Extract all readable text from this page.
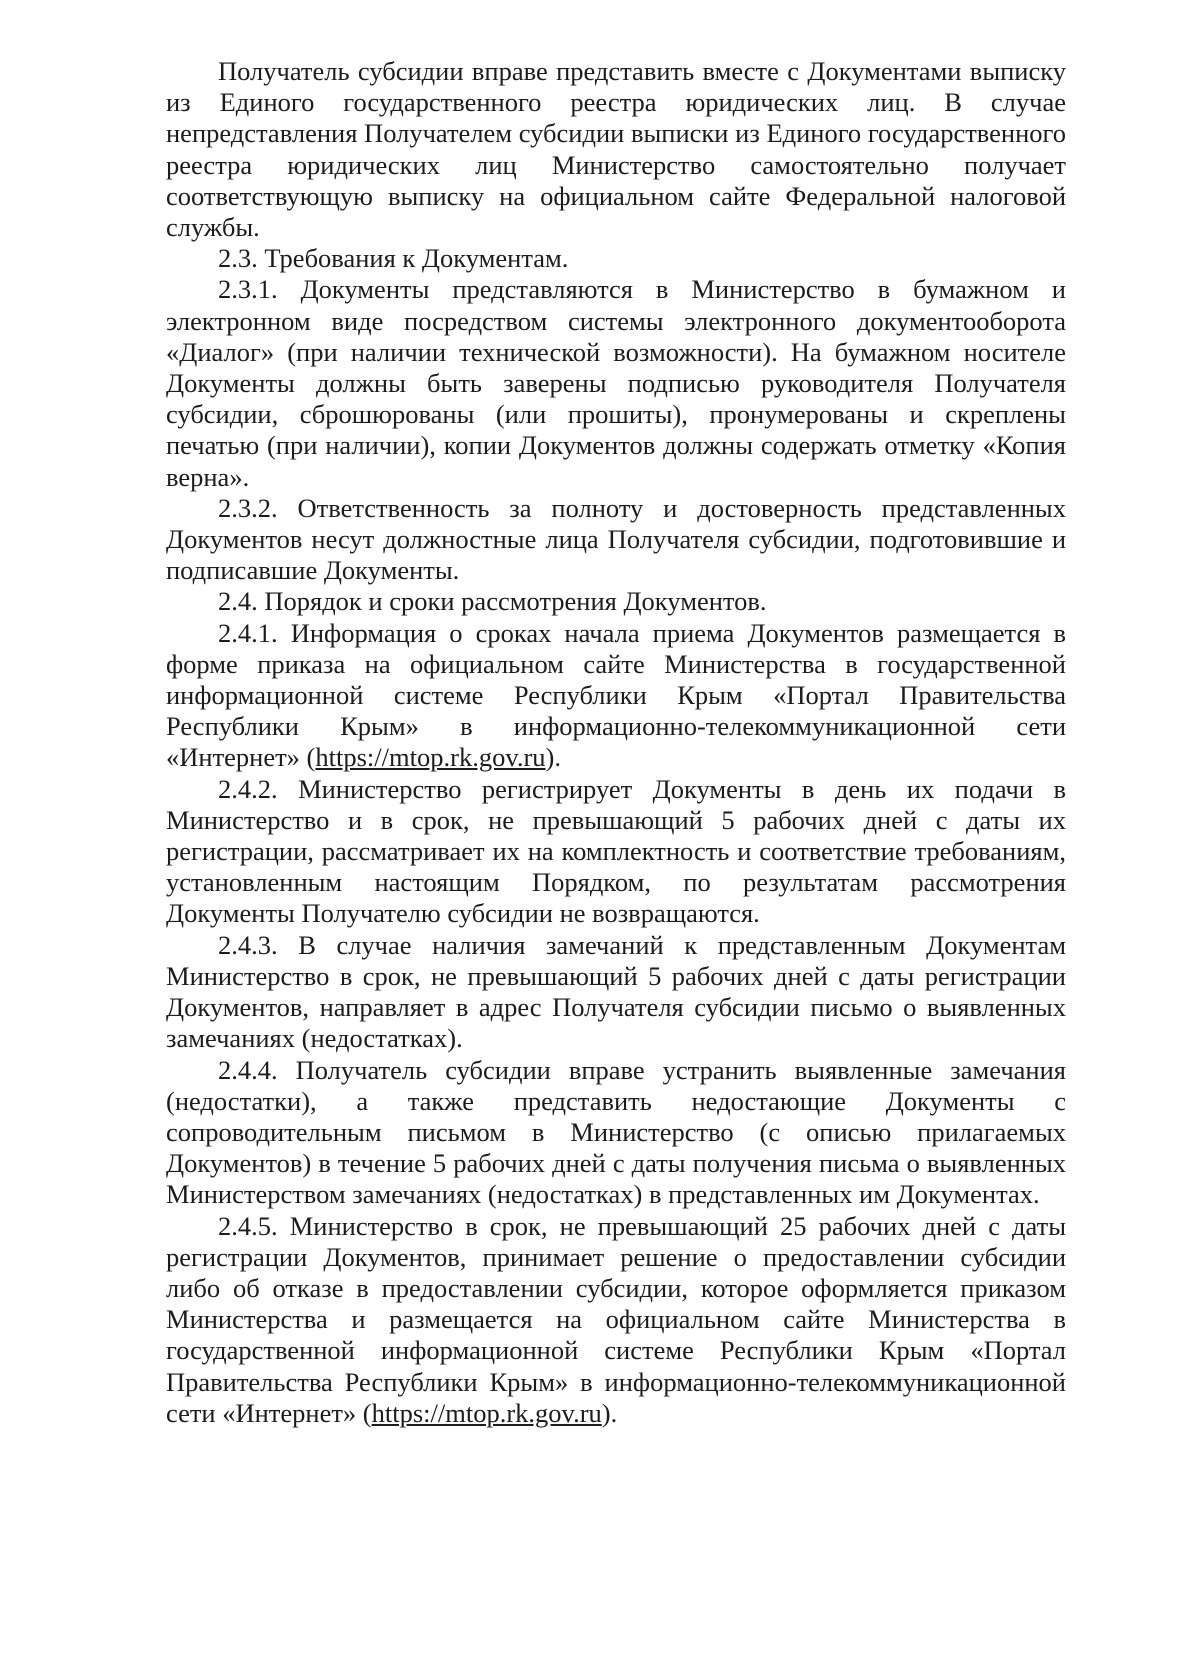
Получатель субсидии вправе представить вместе с Документами выписку из Единого государственного реестра юридических лиц. В случае непредставления Получателем субсидии выписки из Единого государственного реестра юридических лиц Министерство самостоятельно получает соответствующую выписку на официальном сайте Федеральной налоговой службы.

2.3. Требования к Документам.

2.3.1. Документы представляются в Министерство в бумажном и электронном виде посредством системы электронного документооборота «Диалог» (при наличии технической возможности). На бумажном носителе Документы должны быть заверены подписью руководителя Получателя субсидии, сброшюрованы (или прошиты), пронумерованы и скреплены печатью (при наличии), копии Документов должны содержать отметку «Копия верна».

2.3.2. Ответственность за полноту и достоверность представленных Документов несут должностные лица Получателя субсидии, подготовившие и подписавшие Документы.

2.4. Порядок и сроки рассмотрения Документов.

2.4.1. Информация о сроках начала приема Документов размещается в форме приказа на официальном сайте Министерства в государственной информационной системе Республики Крым «Портал Правительства Республики Крым» в информационно-телекоммуникационной сети «Интернет» (https://mtop.rk.gov.ru).

2.4.2. Министерство регистрирует Документы в день их подачи в Министерство и в срок, не превышающий 5 рабочих дней с даты их регистрации, рассматривает их на комплектность и соответствие требованиям, установленным настоящим Порядком, по результатам рассмотрения Документы Получателю субсидии не возвращаются.

2.4.3. В случае наличия замечаний к представленным Документам Министерство в срок, не превышающий 5 рабочих дней с даты регистрации Документов, направляет в адрес Получателя субсидии письмо о выявленных замечаниях (недостатках).

2.4.4. Получатель субсидии вправе устранить выявленные замечания (недостатки), а также представить недостающие Документы с сопроводительным письмом в Министерство (с описью прилагаемых Документов) в течение 5 рабочих дней с даты получения письма о выявленных Министерством замечаниях (недостатках) в представленных им Документах.

2.4.5. Министерство в срок, не превышающий 25 рабочих дней с даты регистрации Документов, принимает решение о предоставлении субсидии либо об отказе в предоставлении субсидии, которое оформляется приказом Министерства и размещается на официальном сайте Министерства в государственной информационной системе Республики Крым «Портал Правительства Республики Крым» в информационно-телекоммуникационной сети «Интернет» (https://mtop.rk.gov.ru).
